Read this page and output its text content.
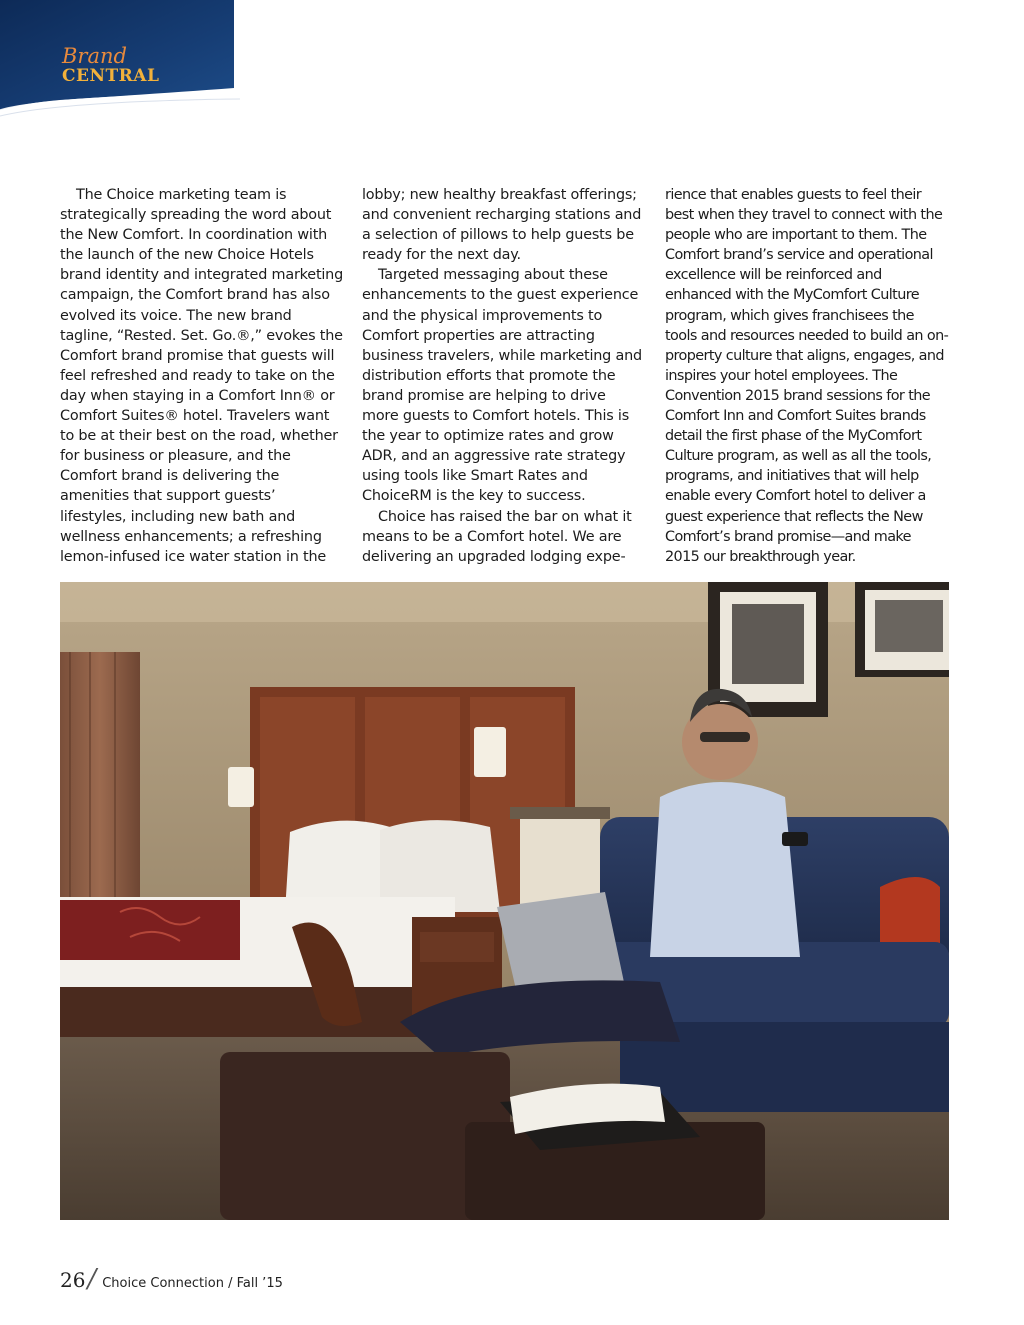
Brand
CENTRAL

The Choice marketing team is strategically spreading the word about the New Comfort. In coordination with the launch of the new Choice Hotels brand identity and integrated marketing campaign, the Comfort brand has also evolved its voice. The new brand tagline, “Rested. Set. Go.®,” evokes the Comfort brand promise that guests will feel refreshed and ready to take on the day when staying in a Comfort Inn® or Comfort Suites® hotel. Travelers want to be at their best on the road, whether for business or pleasure, and the Comfort brand is delivering the amenities that support guests’ lifestyles, including new bath and wellness enhancements; a refreshing lemon-infused ice water station in the

lobby; new healthy breakfast offerings; and convenient recharging stations and a selection of pillows to help guests be ready for the next day.

Targeted messaging about these enhancements to the guest experience and the physical improvements to Comfort properties are attracting business travelers, while marketing and distribution efforts that promote the brand promise are helping to drive more guests to Comfort hotels. This is the year to optimize rates and grow ADR, and an aggressive rate strategy using tools like Smart Rates and ChoiceRM is the key to success.

Choice has raised the bar on what it means to be a Comfort hotel. We are delivering an upgraded lodging expe-

rience that enables guests to feel their best when they travel to connect with the people who are important to them. The Comfort brand’s service and operational excellence will be reinforced and enhanced with the MyComfort Culture program, which gives franchisees the tools and resources needed to build an on-property culture that aligns, engages, and inspires your hotel employees. The Convention 2015 brand sessions for the Comfort Inn and Comfort Suites brands detail the first phase of the MyComfort Culture program, as well as all the tools, programs, and initiatives that will help enable every Comfort hotel to deliver a guest experience that reflects the New Comfort’s brand promise—and make 2015 our breakthrough year.

26 / Choice Connection / Fall ’15
